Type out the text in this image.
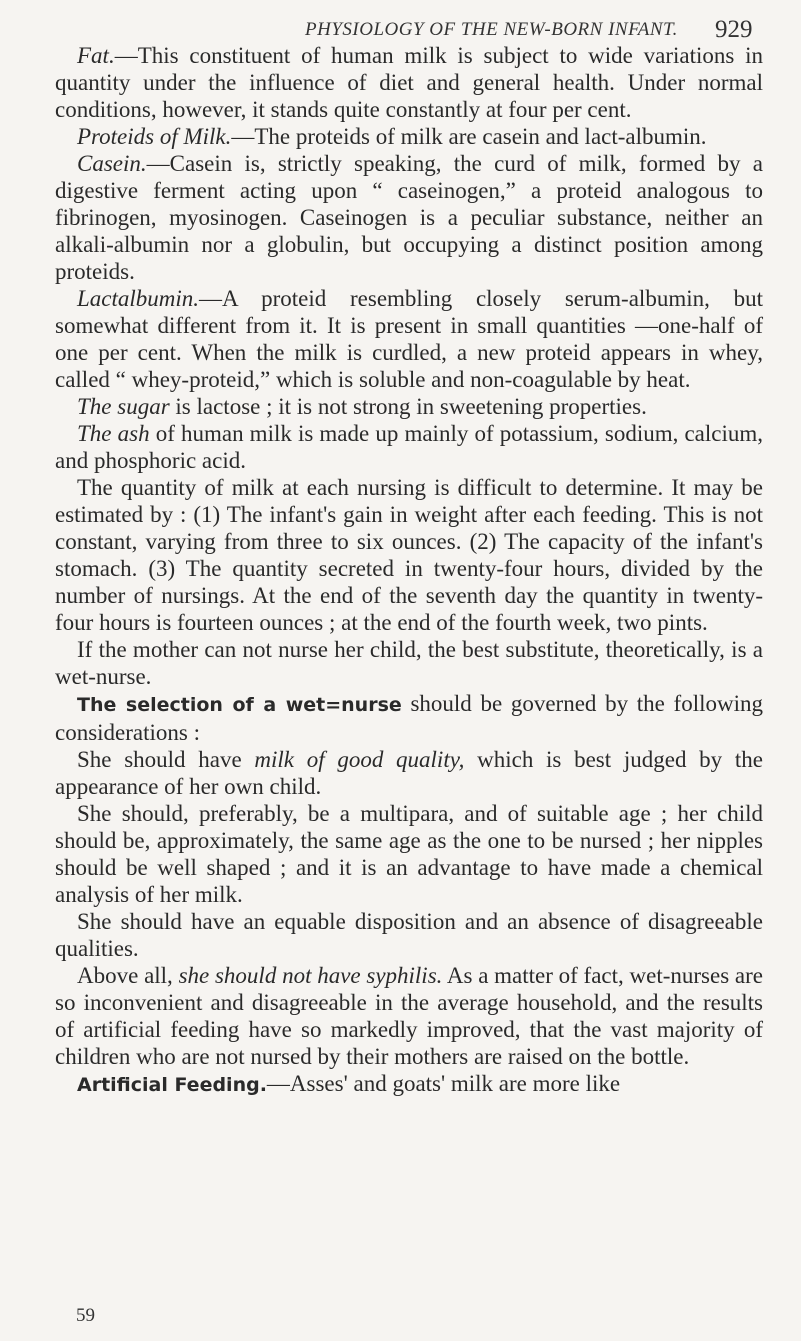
PHYSIOLOGY OF THE NEW-BORN INFANT. 929

Fat.—This constituent of human milk is subject to wide variations in quantity under the influence of diet and general health. Under normal conditions, however, it stands quite constantly at four per cent.

Proteids of Milk.—The proteids of milk are casein and lact-albumin.

Casein.—Casein is, strictly speaking, the curd of milk, formed by a digestive ferment acting upon “ caseinogen,” a proteid analogous to fibrinogen, myosinogen. Caseinogen is a peculiar substance, neither an alkali-albumin nor a globulin, but occupying a distinct position among proteids.

Lactalbumin.—A proteid resembling closely serum-albumin, but somewhat different from it. It is present in small quantities —one-half of one per cent. When the milk is curdled, a new proteid appears in whey, called “ whey-proteid,” which is soluble and non-coagulable by heat.

The sugar is lactose ; it is not strong in sweetening properties.

The ash of human milk is made up mainly of potassium, sodium, calcium, and phosphoric acid.

The quantity of milk at each nursing is difficult to determine. It may be estimated by : (1) The infant's gain in weight after each feeding. This is not constant, varying from three to six ounces. (2) The capacity of the infant's stomach. (3) The quantity secreted in twenty-four hours, divided by the number of nursings. At the end of the seventh day the quantity in twenty-four hours is fourteen ounces ; at the end of the fourth week, two pints.

If the mother can not nurse her child, the best substitute, theoretically, is a wet-nurse.

The selection of a wet=nurse should be governed by the following considerations :

She should have milk of good quality, which is best judged by the appearance of her own child.

She should, preferably, be a multipara, and of suitable age ; her child should be, approximately, the same age as the one to be nursed ; her nipples should be well shaped ; and it is an advantage to have made a chemical analysis of her milk.

She should have an equable disposition and an absence of disagreeable qualities.

Above all, she should not have syphilis. As a matter of fact, wet-nurses are so inconvenient and disagreeable in the average household, and the results of artificial feeding have so markedly improved, that the vast majority of children who are not nursed by their mothers are raised on the bottle.

Artificial Feeding.—Asses' and goats' milk are more like

59
